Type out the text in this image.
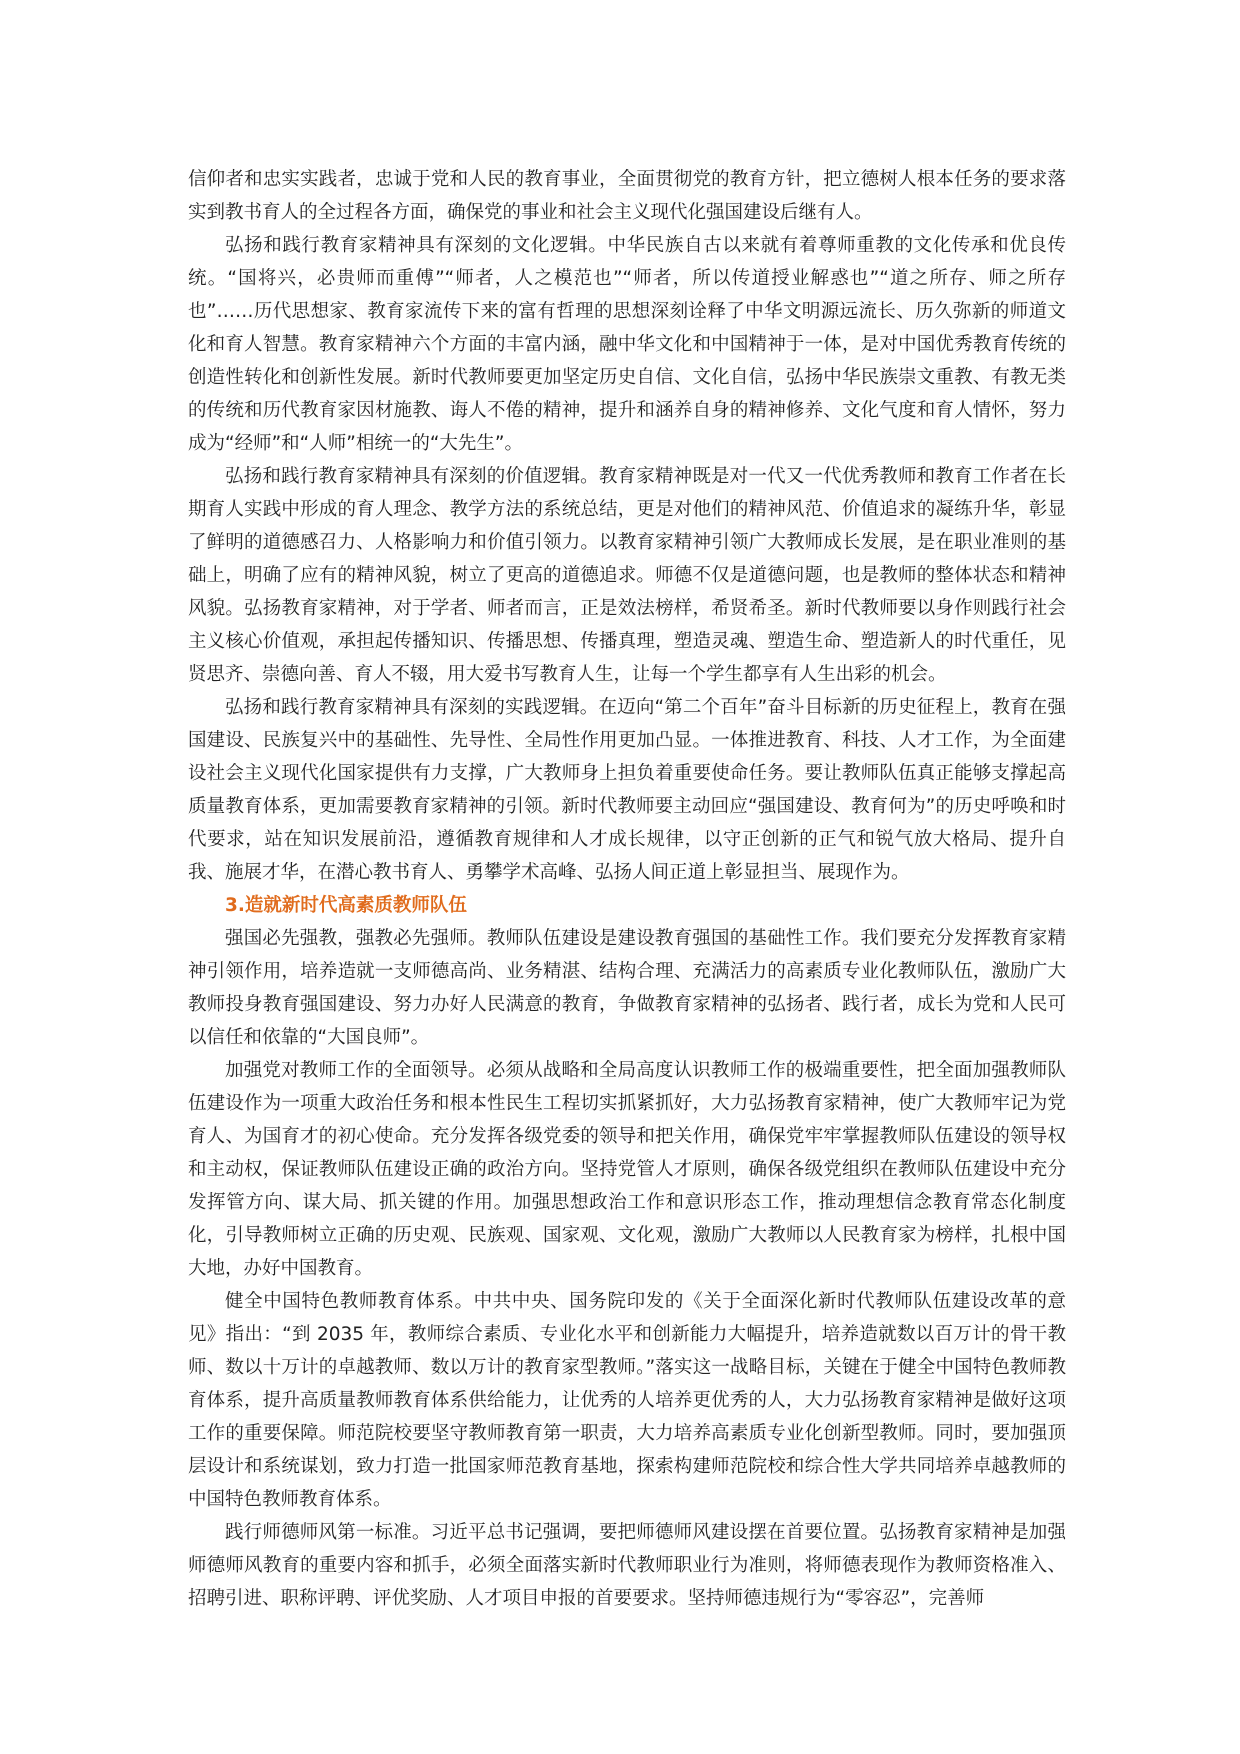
信仰者和忠实实践者，忠诚于党和人民的教育事业，全面贯彻党的教育方针，把立德树人根本任务的要求落实到教书育人的全过程各方面，确保党的事业和社会主义现代化强国建设后继有人。

弘扬和践行教育家精神具有深刻的文化逻辑。中华民族自古以来就有着尊师重教的文化传承和优良传统。“国将兴，必贵师而重傅”“师者，人之模范也”“师者，所以传道授业解惑也”“道之所存、师之所存也”……历代思想家、教育家流传下来的富有哲理的思想深刻诠释了中华文明源远流长、历久弥新的师道文化和育人智慧。教育家精神六个方面的丰富内涵，融中华文化和中国精神于一体，是对中国优秀教育传统的创造性转化和创新性发展。新时代教师要更加坚定历史自信、文化自信，弘扬中华民族崇文重教、有教无类的传统和历代教育家因材施教、诲人不倦的精神，提升和涵养自身的精神修养、文化气度和育人情怀，努力成为“经师”和“人师”相统一的“大先生”。

弘扬和践行教育家精神具有深刻的价值逻辑。教育家精神既是对一代又一代优秀教师和教育工作者在长期育人实践中形成的育人理念、教学方法的系统总结，更是对他们的精神风范、价值追求的凝练升华，彰显了鲜明的道德感召力、人格影响力和价值引领力。以教育家精神引领广大教师成长发展，是在职业准则的基础上，明确了应有的精神风貌，树立了更高的道德追求。师德不仅是道德问题，也是教师的整体状态和精神风貌。弘扬教育家精神，对于学者、师者而言，正是效法榜样，希贤希圣。新时代教师要以身作则践行社会主义核心价值观，承担起传播知识、传播思想、传播真理，塑造灵魂、塑造生命、塑造新人的时代重任，见贤思齐、崇德向善、育人不辍，用大爱书写教育人生，让每一个学生都享有人生出彩的机会。

弘扬和践行教育家精神具有深刻的实践逻辑。在迈向“第二个百年”奋斗目标新的历史征程上，教育在强国建设、民族复兴中的基础性、先导性、全局性作用更加凸显。一体推进教育、科技、人才工作，为全面建设社会主义现代化国家提供有力支撑，广大教师身上担负着重要使命任务。要让教师队伍真正能够支撑起高质量教育体系，更加需要教育家精神的引领。新时代教师要主动回应“强国建设、教育何为”的历史呼唤和时代要求，站在知识发展前沿，遵循教育规律和人才成长规律，以守正创新的正气和锐气放大格局、提升自我、施展才华，在潜心教书育人、勇攀学术高峰、弘扬人间正道上彰显担当、展现作为。

3.造就新时代高素质教师队伍

强国必先强教，强教必先强师。教师队伍建设是建设教育强国的基础性工作。我们要充分发挥教育家精神引领作用，培养造就一支师德高尚、业务精湛、结构合理、充满活力的高素质专业化教师队伍，激励广大教师投身教育强国建设、努力办好人民满意的教育，争做教育家精神的弘扬者、践行者，成长为党和人民可以信任和依靠的“大国良师”。

加强党对教师工作的全面领导。必须从战略和全局高度认识教师工作的极端重要性，把全面加强教师队伍建设作为一项重大政治任务和根本性民生工程切实抓紧抓好，大力弘扬教育家精神，使广大教师牢记为党育人、为国育才的初心使命。充分发挥各级党委的领导和把关作用，确保党牢牢掌握教师队伍建设的领导权和主动权，保证教师队伍建设正确的政治方向。坚持党管人才原则，确保各级党组织在教师队伍建设中充分发挥管方向、谋大局、抓关键的作用。加强思想政治工作和意识形态工作，推动理想信念教育常态化制度化，引导教师树立正确的历史观、民族观、国家观、文化观，激励广大教师以人民教育家为榜样，扎根中国大地，办好中国教育。

健全中国特色教师教育体系。中共中央、国务院印发的《关于全面深化新时代教师队伍建设改革的意见》指出：“到 2035 年，教师综合素质、专业化水平和创新能力大幅提升，培养造就数以百万计的骨干教师、数以十万计的卓越教师、数以万计的教育家型教师。”落实这一战略目标，关键在于健全中国特色教师教育体系，提升高质量教师教育体系供给能力，让优秀的人培养更优秀的人，大力弘扬教育家精神是做好这项工作的重要保障。师范院校要坚守教师教育第一职责，大力培养高素质专业化创新型教师。同时，要加强顶层设计和系统谋划，致力打造一批国家师范教育基地，探索构建师范院校和综合性大学共同培养卓越教师的中国特色教师教育体系。

践行师德师风第一标准。习近平总书记强调，要把师德师风建设摆在首要位置。弘扬教育家精神是加强师德师风教育的重要内容和抓手，必须全面落实新时代教师职业行为准则，将师德表现作为教师资格准入、招聘引进、职称评聘、评优奖励、人才项目申报的首要要求。坚持师德违规行为“零容忍”，完善师
